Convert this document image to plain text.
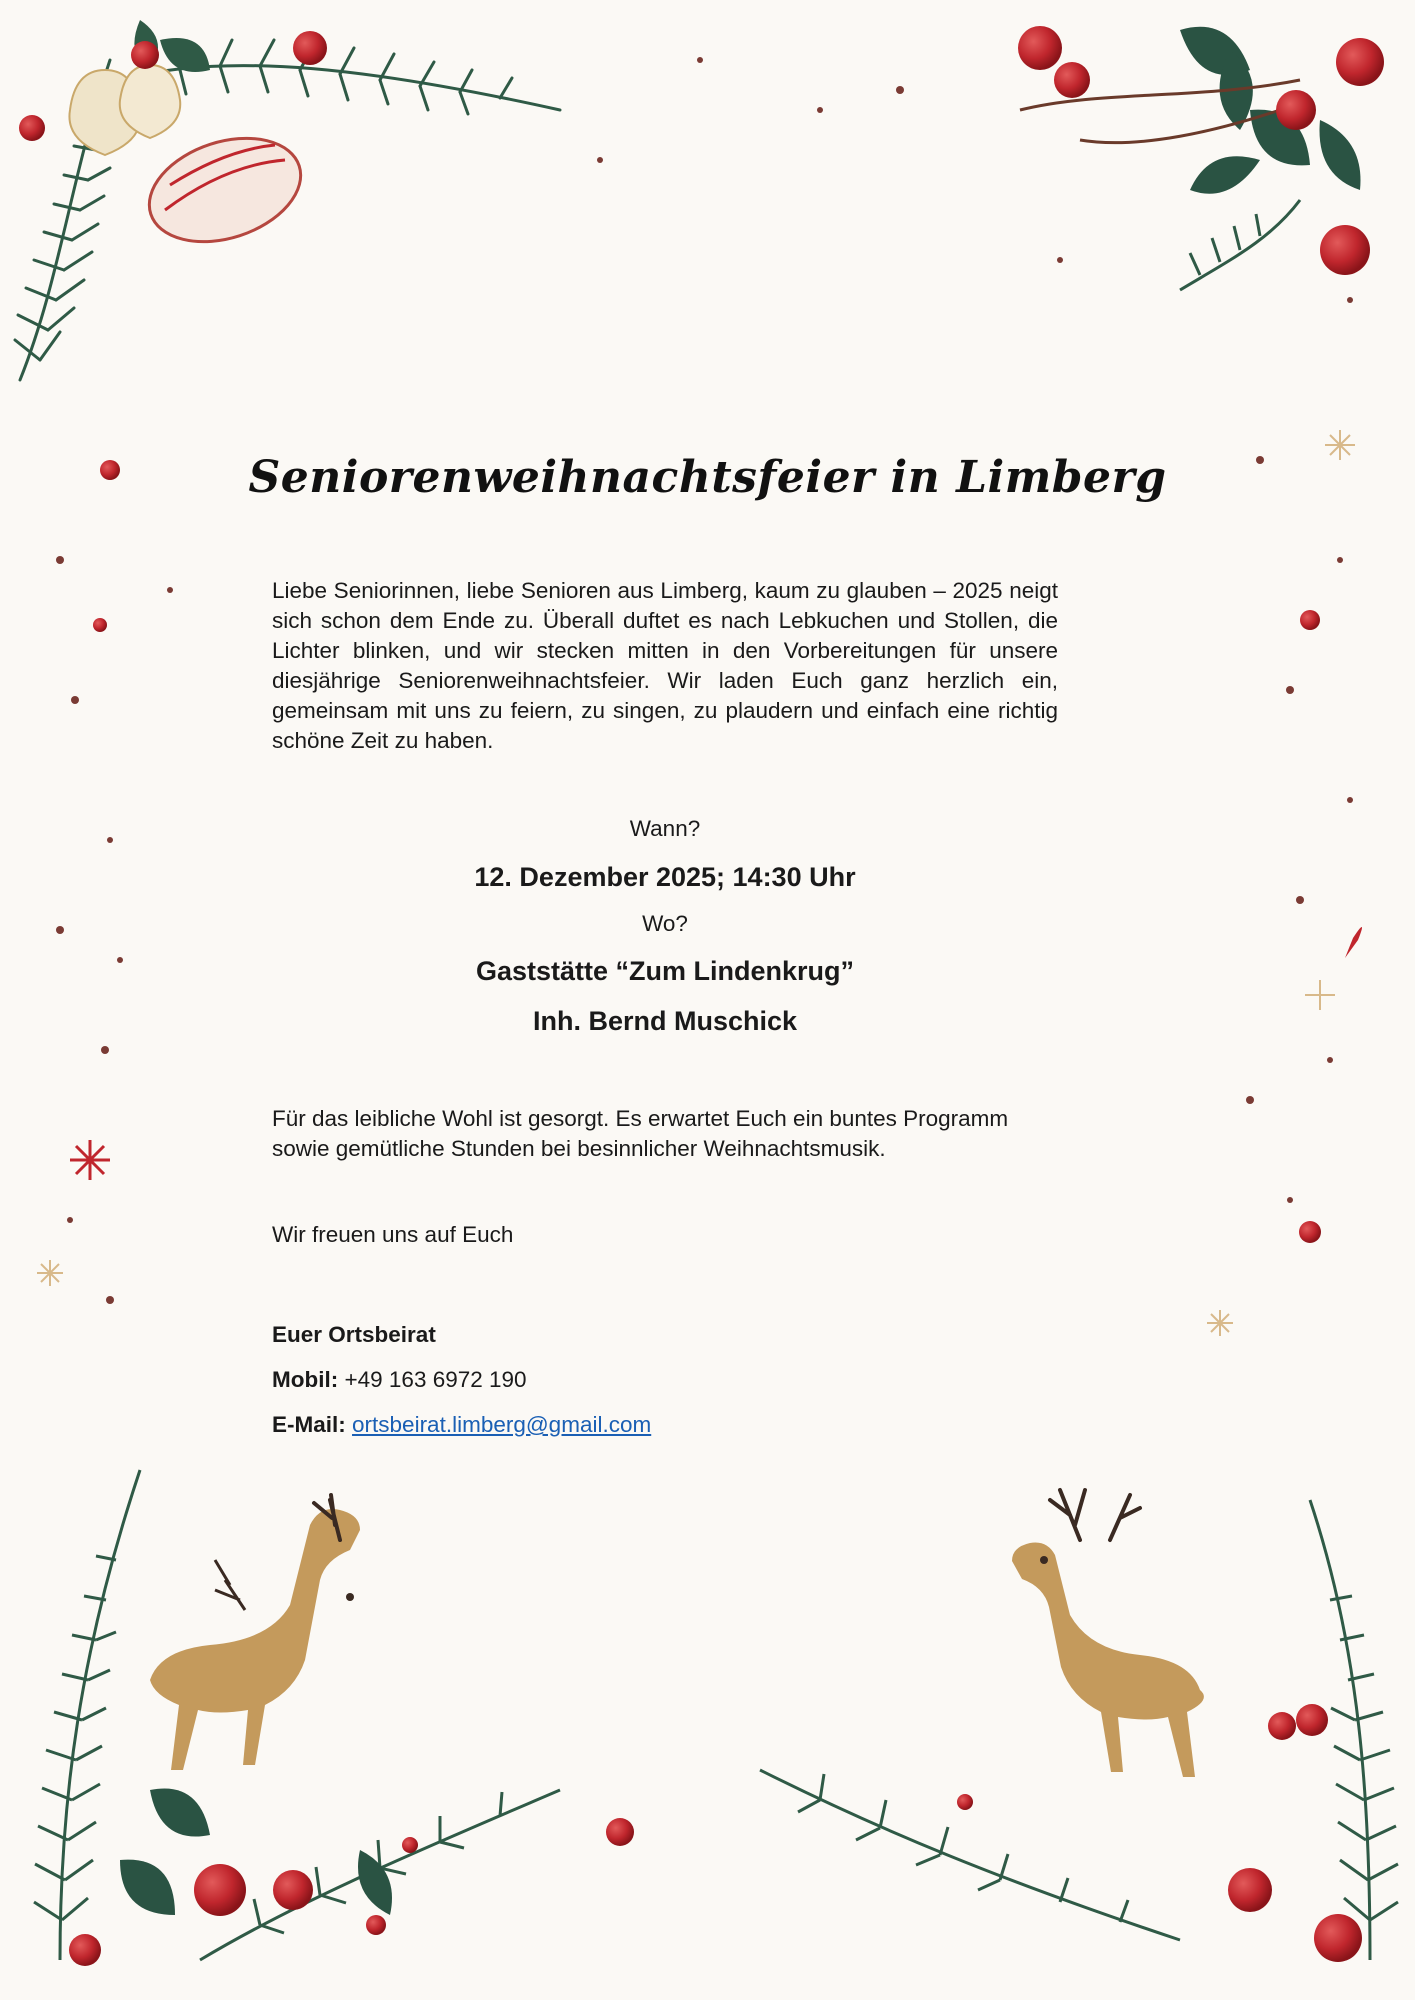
Seniorenweihnachtsfeier in Limberg
Liebe Seniorinnen, liebe Senioren aus Limberg, kaum zu glauben – 2025 neigt sich schon dem Ende zu. Überall duftet es nach Lebkuchen und Stollen, die Lichter blinken, und wir stecken mitten in den Vorbereitungen für unsere diesjährige Seniorenweihnachtsfeier. Wir laden Euch ganz herzlich ein, gemeinsam mit uns zu feiern, zu singen, zu plaudern und einfach eine richtig schöne Zeit zu haben.
Wann?
12. Dezember 2025; 14:30 Uhr
Wo?
Gaststätte “Zum Lindenkrug”
Inh. Bernd Muschick
Für das leibliche Wohl ist gesorgt. Es erwartet Euch ein buntes Programm sowie gemütliche Stunden bei besinnlicher Weihnachtsmusik.
Wir freuen uns auf Euch
Euer Ortsbeirat
Mobil: +49 163 6972 190
E-Mail: ortsbeirat.limberg@gmail.com
